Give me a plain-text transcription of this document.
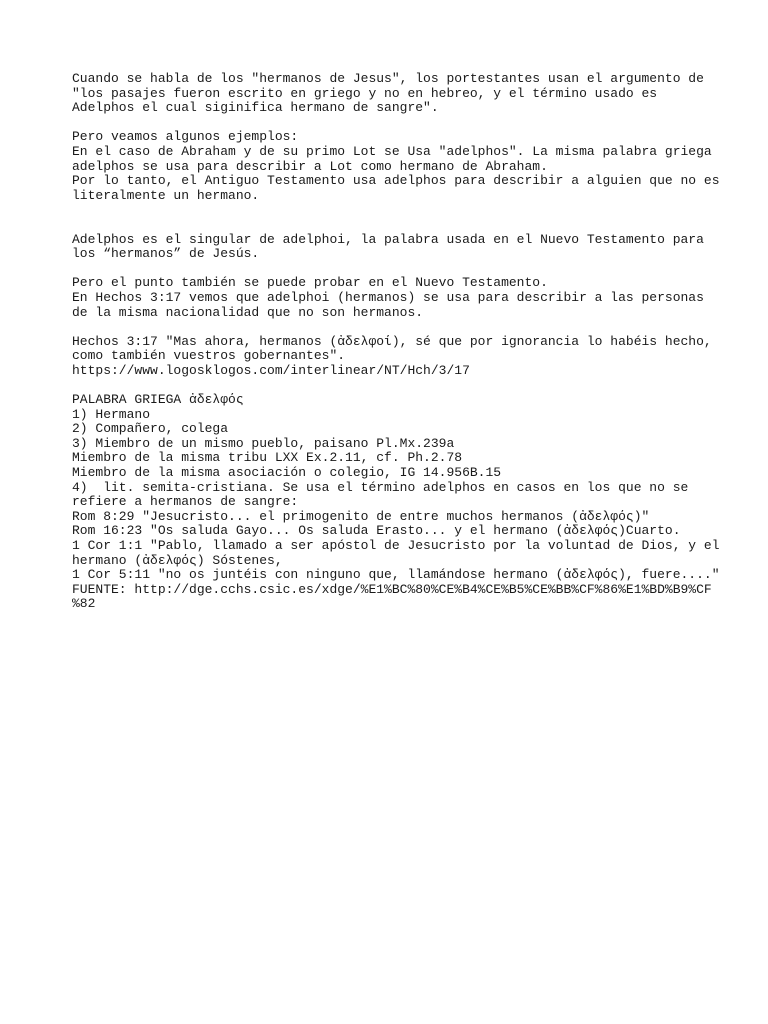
Cuando se habla de los "hermanos de Jesus", los portestantes usan el argumento de
"los pasajes fueron escrito en griego y no en hebreo, y el término usado es
Adelphos el cual siginifica hermano de sangre".
Pero veamos algunos ejemplos:
En el caso de Abraham y de su primo Lot se Usa "adelphos". La misma palabra griega
adelphos se usa para describir a Lot como hermano de Abraham.
Por lo tanto, el Antiguo Testamento usa adelphos para describir a alguien que no es
literalmente un hermano.
Adelphos es el singular de adelphoi, la palabra usada en el Nuevo Testamento para
los “hermanos” de Jesús.
Pero el punto también se puede probar en el Nuevo Testamento.
En Hechos 3:17 vemos que adelphoi (hermanos) se usa para describir a las personas
de la misma nacionalidad que no son hermanos.
Hechos 3:17 "Mas ahora, hermanos (ἀδελφοί), sé que por ignorancia lo habéis hecho,
como también vuestros gobernantes".
https://www.logosklogos.com/interlinear/NT/Hch/3/17
PALABRA GRIEGA ἀδελφός
1) Hermano
2) Compañero, colega
3) Miembro de un mismo pueblo, paisano Pl.Mx.239a
Miembro de la misma tribu LXX Ex.2.11, cf. Ph.2.78
Miembro de la misma asociación o colegio, IG 14.956B.15
4)  lit. semita-cristiana. Se usa el término adelphos en casos en los que no se
refiere a hermanos de sangre:
Rom 8:29 "Jesucristo... el primogenito de entre muchos hermanos (ἀδελφός)"
Rom 16:23 "Os saluda Gayo... Os saluda Erasto... y el hermano (ἀδελφός)Cuarto.
1 Cor 1:1 "Pablo, llamado a ser apóstol de Jesucristo por la voluntad de Dios, y el
hermano (ἀδελφός) Sóstenes,
1 Cor 5:11 "no os juntéis con ninguno que, llamándose hermano (ἀδελφός), fuere...."
FUENTE: http://dge.cchs.csic.es/xdge/%E1%BC%80%CE%B4%CE%B5%CE%BB%CF%86%E1%BD%B9%CF
%82
